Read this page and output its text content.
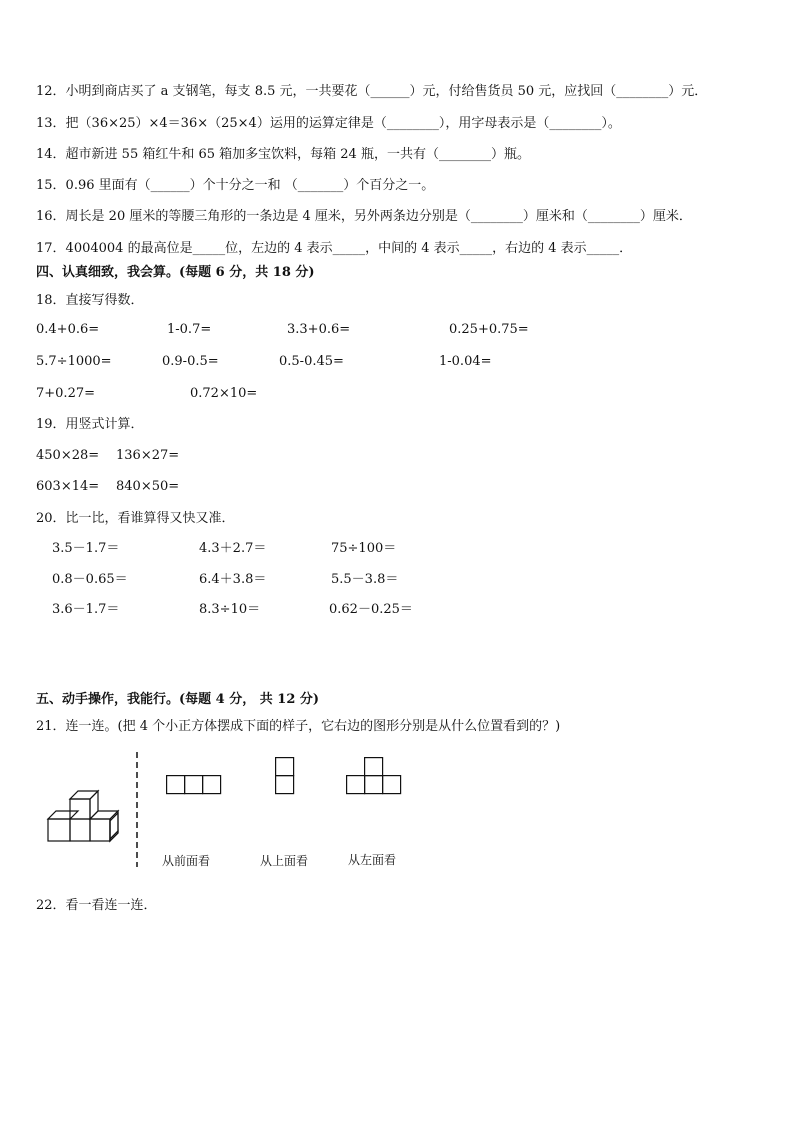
12．小明到商店买了 a 支钢笔，每支 8.5 元，一共要花（______）元，付给售货员 50 元，应找回（________）元．
13．把（36×25）×4＝36×（25×4）运用的运算定律是（________），用字母表示是（________）。
14．超市新进 55 箱红牛和 65 箱加多宝饮料，每箱 24 瓶，一共有（________）瓶。
15．0.96 里面有（______）个十分之一和 （_______）个百分之一。
16．周长是 20 厘米的等腰三角形的一条边是 4 厘米，另外两条边分别是（________）厘米和（________）厘米．
17．4004004 的最高位是_____位，左边的 4 表示_____，中间的 4 表示_____，右边的 4 表示_____．
四、认真细致，我会算。(每题 6 分，共 18 分)
18．直接写得数．
0.4+0.6=	1-0.7=	3.3+0.6=	0.25+0.75=
5.7÷1000=	0.9-0.5=	0.5-0.45=	1-0.04=
7+0.27=	0.72×10=
19．用竖式计算．
450×28= 136×27=
603×14= 840×50=
20．比一比，看谁算得又快又准．
3.5－1.7＝	4.3＋2.7＝	75÷100＝
0.8－0.65＝	6.4＋3.8＝	5.5－3.8＝
3.6－1.7＝	8.3÷10＝	0.62－0.25＝
五、动手操作，我能行。(每题 4 分， 共 12 分)
21．连一连。(把 4 个小正方体摆成下面的样子，它右边的图形分别是从什么位置看到的？)
从前面看	从上面看	从左面看
22．看一看连一连．
